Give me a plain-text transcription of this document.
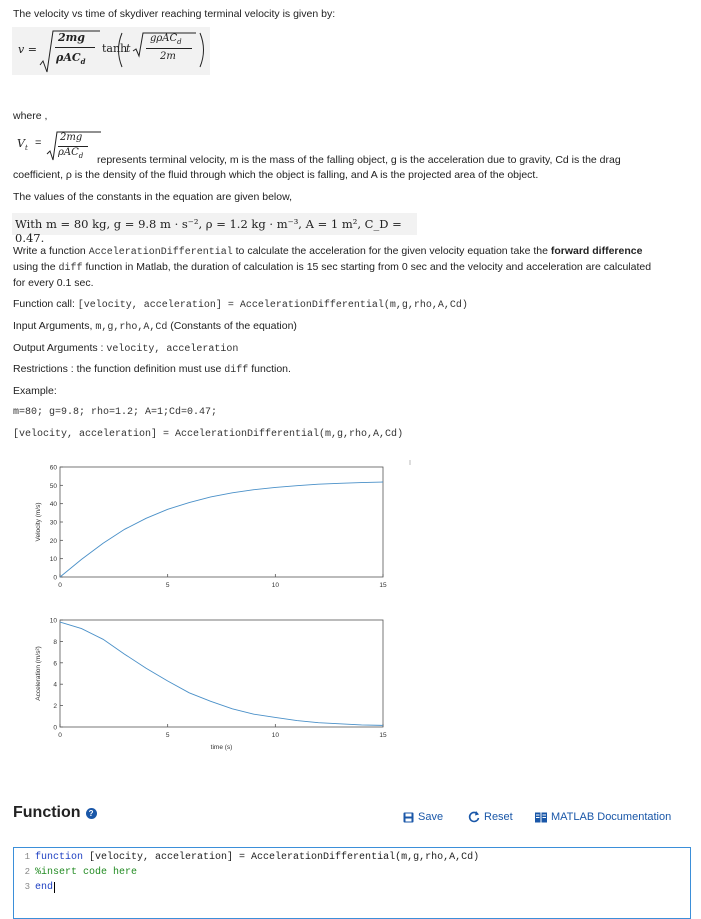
The velocity vs time of skydiver reaching terminal velocity is given by:
v =
2mg
ρAC$_d$
tanh
t
gρAC$_d$
2m
where ,
$V_t = 2mg$
ρAC$_d$ represents terminal velocity, m is the mass of the falling object, g is the acceleration due to gravity, Cd is the drag
coefficient, ρ is the density of the fluid through which the object is falling, and A is the projected area of the object.
The values of the constants in the equation are given below,
With m = 80 kg, g = 9.8 m · s⁻², ρ = 1.2 kg · m⁻³, A = 1 m², C_D = 0.47.
Write a function AccelerationDifferential to calculate the acceleration for the given velocity equation take the forward difference
using the diff function in Matlab, the duration of calculation is 15 sec starting from 0 sec and the velocity and acceleration are calculated
for every 0.1 sec.
Function call: [velocity, acceleration] = AccelerationDifferential(m,g,rho,A,Cd)
Input Arguments, m,g,rho,A,Cd (Constants of the equation)
Output Arguments : velocity, acceleration
Restrictions : the function definition must use diff function.
Example:
m=80; g=9.8; rho=1.2; A=1;Cd=0.47;
[velocity, acceleration] = AccelerationDifferential(m,g,rho,A,Cd)
0
10
20
30
40
50
60
0	5	10	15
Velocity (m/s)
0
2
4
6
8
10
0	5	10	15
Acceleration (m/s²)
time (s)
Function	?	Save	Reset	MATLAB Documentation
1 function [velocity, acceleration] = AccelerationDifferential(m,g,rho,A,Cd)
2 %insert code here
3 end
